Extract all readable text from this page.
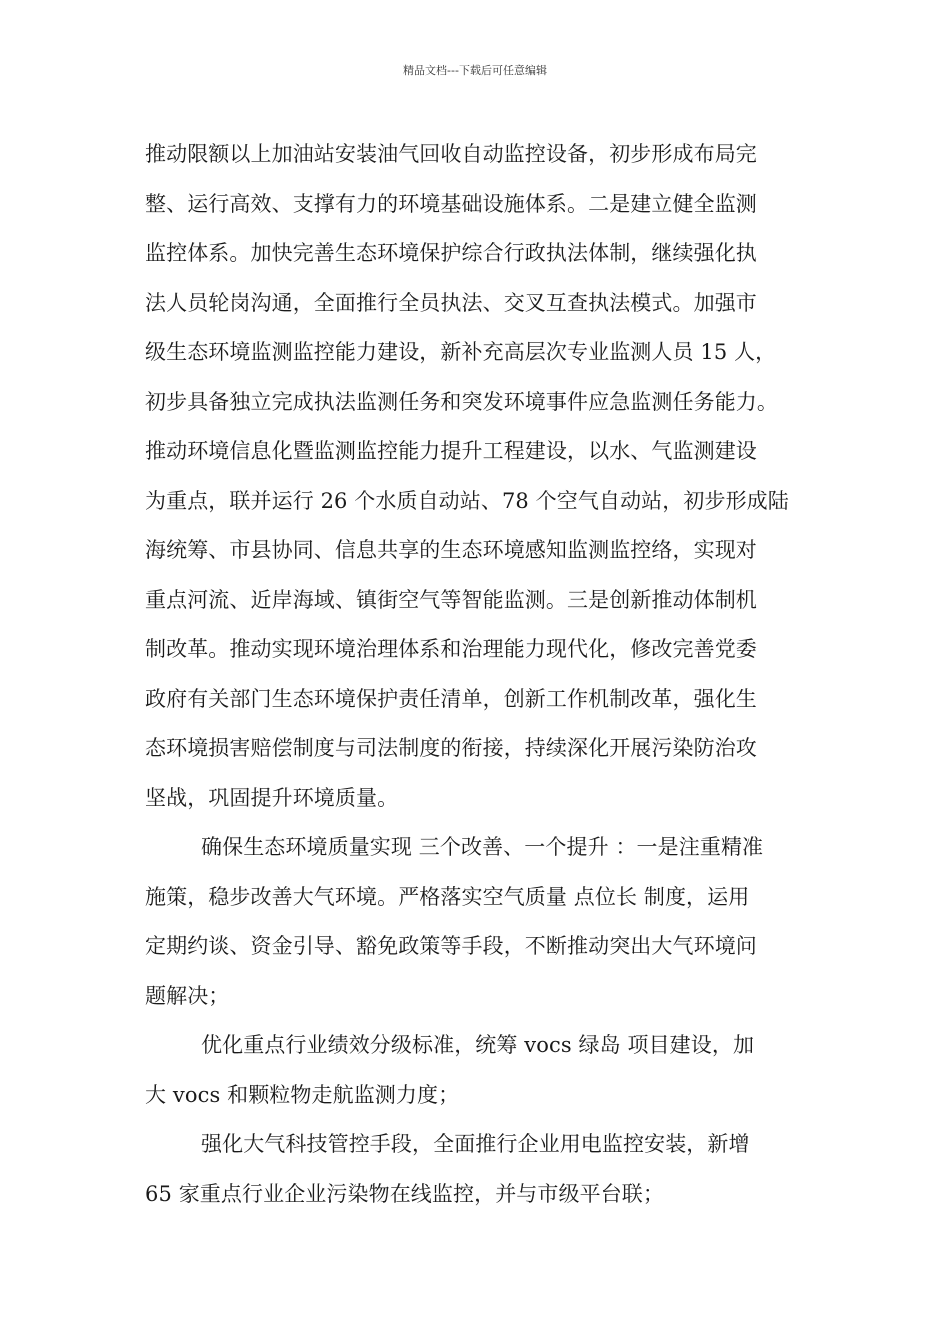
精品文档---下载后可任意编辑
推动限额以上加油站安装油气回收自动监控设备，初步形成布局完
整、运行高效、支撑有力的环境基础设施体系。二是建立健全监测
监控体系。加快完善生态环境保护综合行政执法体制，继续强化执
法人员轮岗沟通，全面推行全员执法、交叉互查执法模式。加强市
级生态环境监测监控能力建设，新补充高层次专业监测人员 15 人，
初步具备独立完成执法监测任务和突发环境事件应急监测任务能力。
推动环境信息化暨监测监控能力提升工程建设，以水、气监测建设
为重点，联并运行 26 个水质自动站、78 个空气自动站，初步形成陆
海统筹、市县协同、信息共享的生态环境感知监测监控络，实现对
重点河流、近岸海域、镇街空气等智能监测。三是创新推动体制机
制改革。推动实现环境治理体系和治理能力现代化，修改完善党委
政府有关部门生态环境保护责任清单，创新工作机制改革，强化生
态环境损害赔偿制度与司法制度的衔接，持续深化开展污染防治攻
坚战，巩固提升环境质量。
确保生态环境质量实现 三个改善、一个提升 ：一是注重精准
施策，稳步改善大气环境。严格落实空气质量 点位长 制度，运用
定期约谈、资金引导、豁免政策等手段，不断推动突出大气环境问
题解决；
优化重点行业绩效分级标准，统筹 vocs 绿岛 项目建设，加
大 vocs 和颗粒物走航监测力度；
强化大气科技管控手段，全面推行企业用电监控安装，新增
65 家重点行业企业污染物在线监控，并与市级平台联；
